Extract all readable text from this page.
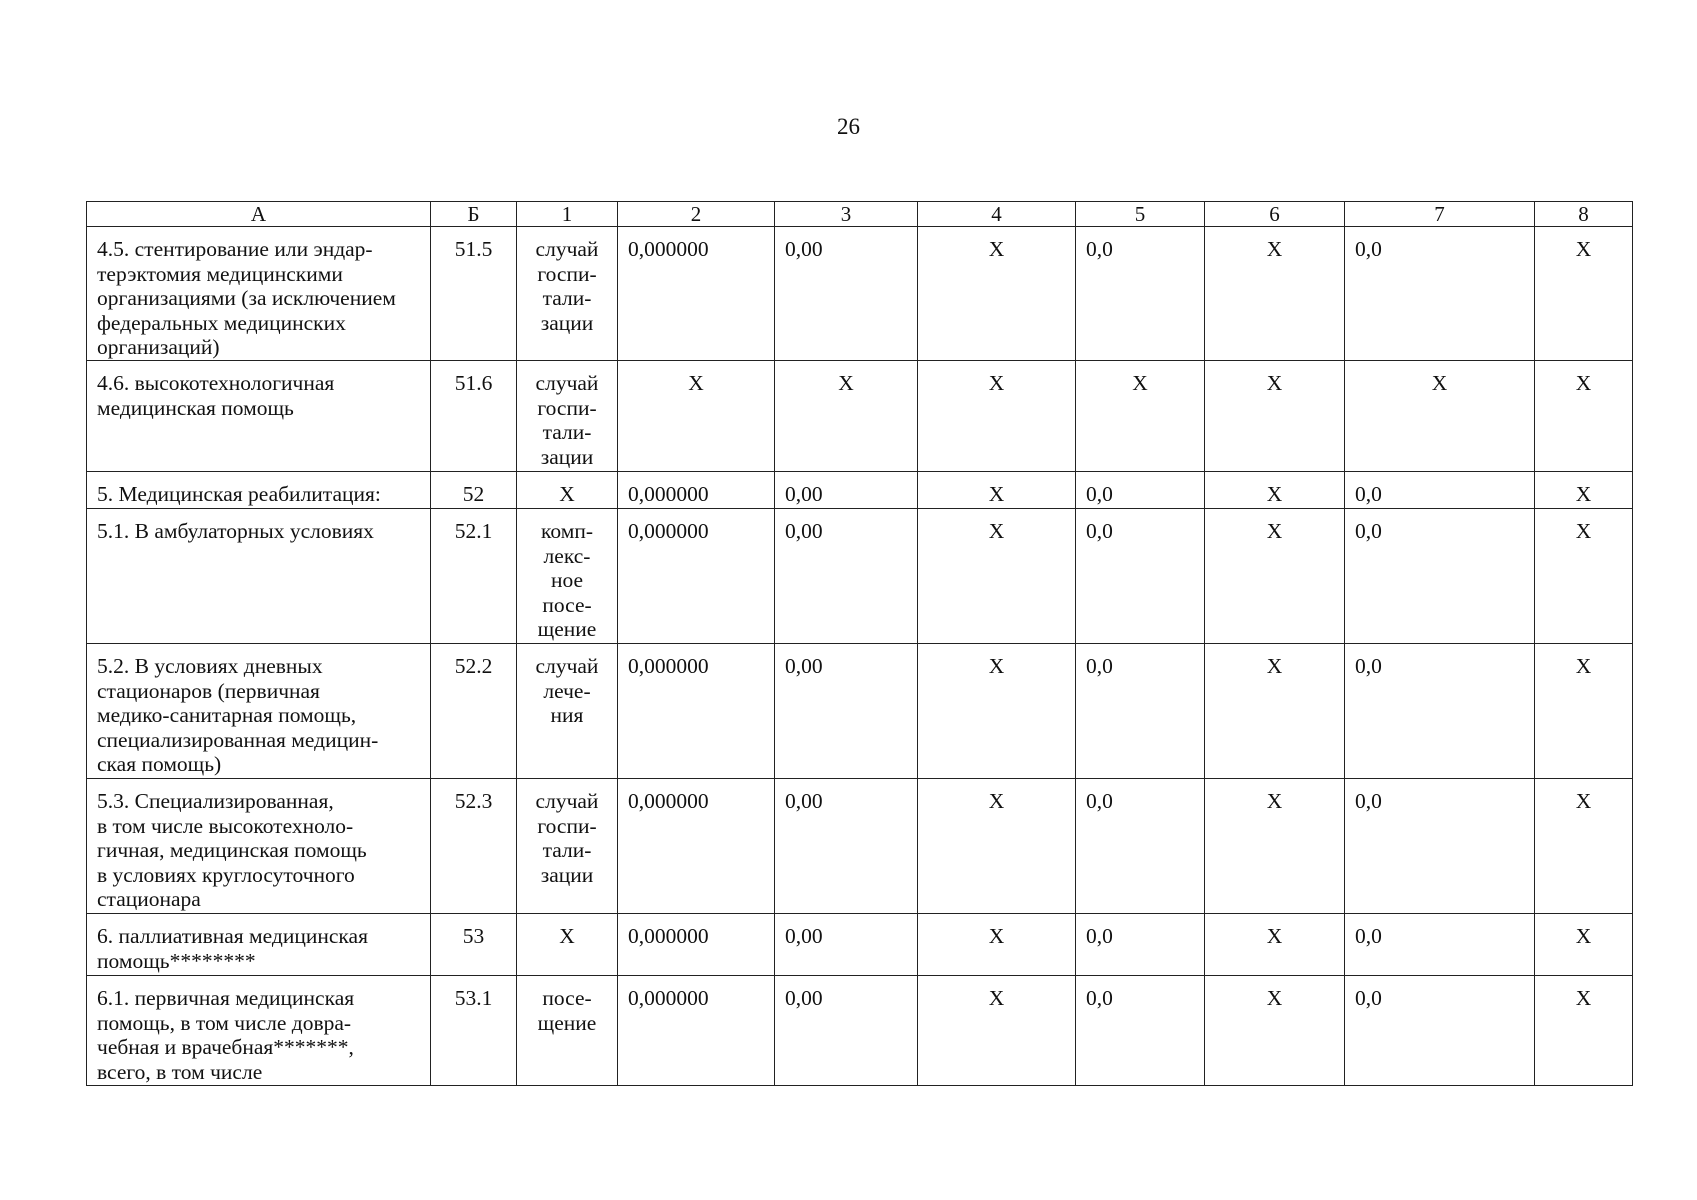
26
А	Б	1	2	3	4	5	6	7	8

4.5. стентирование или эндар-
терэктомия медицинскими
организациями (за исключением
федеральных медицинских
организаций)	51.5	случай
госпи-
тали-
зации	0,000000	0,00	X	0,0	X	0,0	X

4.6. высокотехнологичная
медицинская помощь	51.6	случай
госпи-
тали-
зации	X	X	X	X	X	X	X

5. Медицинская реабилитация:	52	X	0,000000	0,00	X	0,0	X	0,0	X

5.1. В амбулаторных условиях	52.1	комп-
лекс-
ное
посе-
щение	0,000000	0,00	X	0,0	X	0,0	X

5.2. В условиях дневных
стационаров (первичная
медико-санитарная помощь,
специализированная медицин-
ская помощь)	52.2	случай
лече-
ния	0,000000	0,00	X	0,0	X	0,0	X

5.3. Специализированная,
в том числе высокотехноло-
гичная, медицинская помощь
в условиях круглосуточного
стационара	52.3	случай
госпи-
тали-
зации	0,000000	0,00	X	0,0	X	0,0	X

6. паллиативная медицинская
помощь********	53	X	0,000000	0,00	X	0,0	X	0,0	X

6.1. первичная медицинская
помощь, в том числе довра-
чебная и врачебная*******,
всего, в том числе	53.1	посе-
щение	0,000000	0,00	X	0,0	X	0,0	X
